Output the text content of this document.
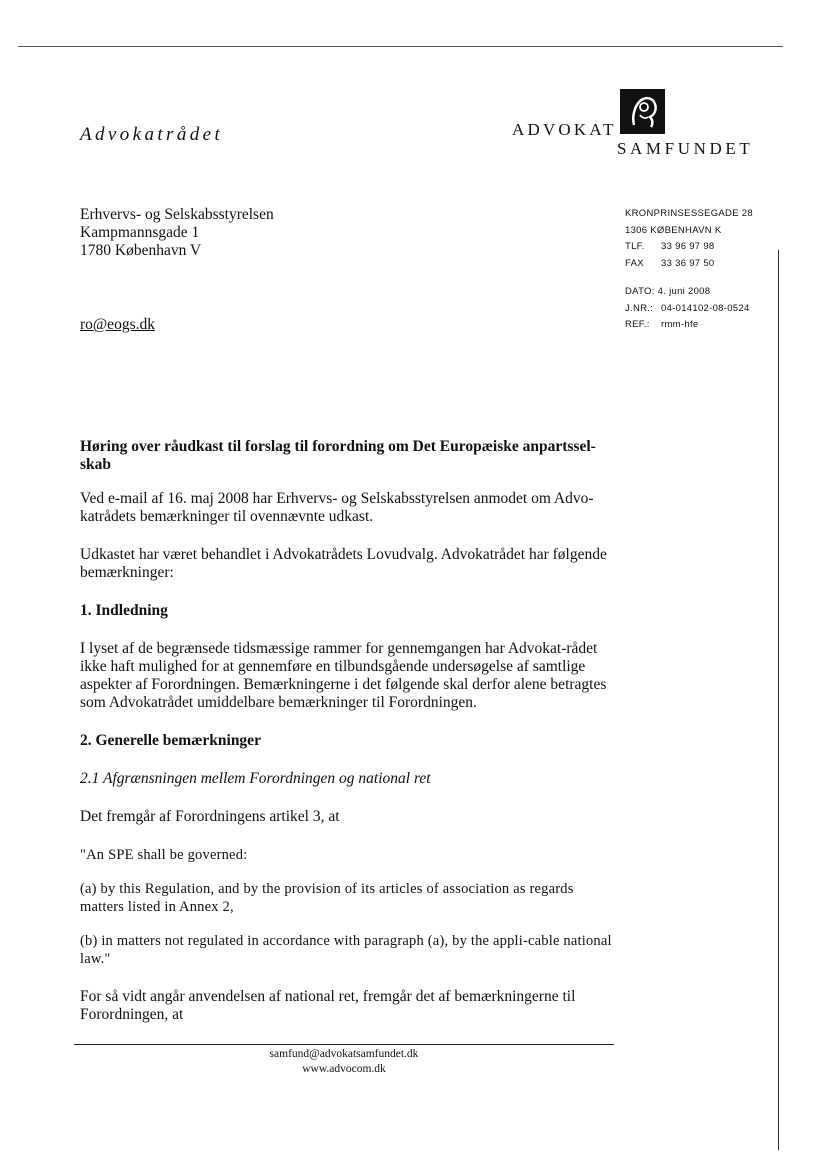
Advokatrådet	ADVOKAT
SAMFUNDET
Erhvervs- og Selskabsstyrelsen
Kampmannsgade 1
1780 København V
ro@eogs.dk
KRONPRINSESSEGADE 28
1306 KØBENHAVN K
TLF. 33 96 97 98
FAX 33 36 97 50
DATO: 4. juni 2008
J.NR.: 04-014102-08-0524
REF.: rmm-hfe

Høring over råudkast til forslag til forordning om Det Europæiske anpartssel-skab

Ved e-mail af 16. maj 2008 har Erhvervs- og Selskabsstyrelsen anmodet om Advo-katrådets bemærkninger til ovennævnte udkast.

Udkastet har været behandlet i Advokatrådets Lovudvalg. Advokatrådet har følgende bemærkninger:

1. Indledning

I lyset af de begrænsede tidsmæssige rammer for gennemgangen har Advokat-rådet ikke haft mulighed for at gennemføre en tilbundsgående undersøgelse af samtlige aspekter af Forordningen. Bemærkningerne i det følgende skal derfor alene betragtes som Advokatrådet umiddelbare bemærkninger til Forordningen.

2. Generelle bemærkninger

2.1 Afgrænsningen mellem Forordningen og national ret

Det fremgår af Forordningens artikel 3, at

"An SPE shall be governed:

(a) by this Regulation, and by the provision of its articles of association as regards matters listed in Annex 2,

(b) in matters not regulated in accordance with paragraph (a), by the appli-cable national law."

For så vidt angår anvendelsen af national ret, fremgår det af bemærkningerne til Forordningen, at

samfund@advokatsamfundet.dk
www.advocom.dk
